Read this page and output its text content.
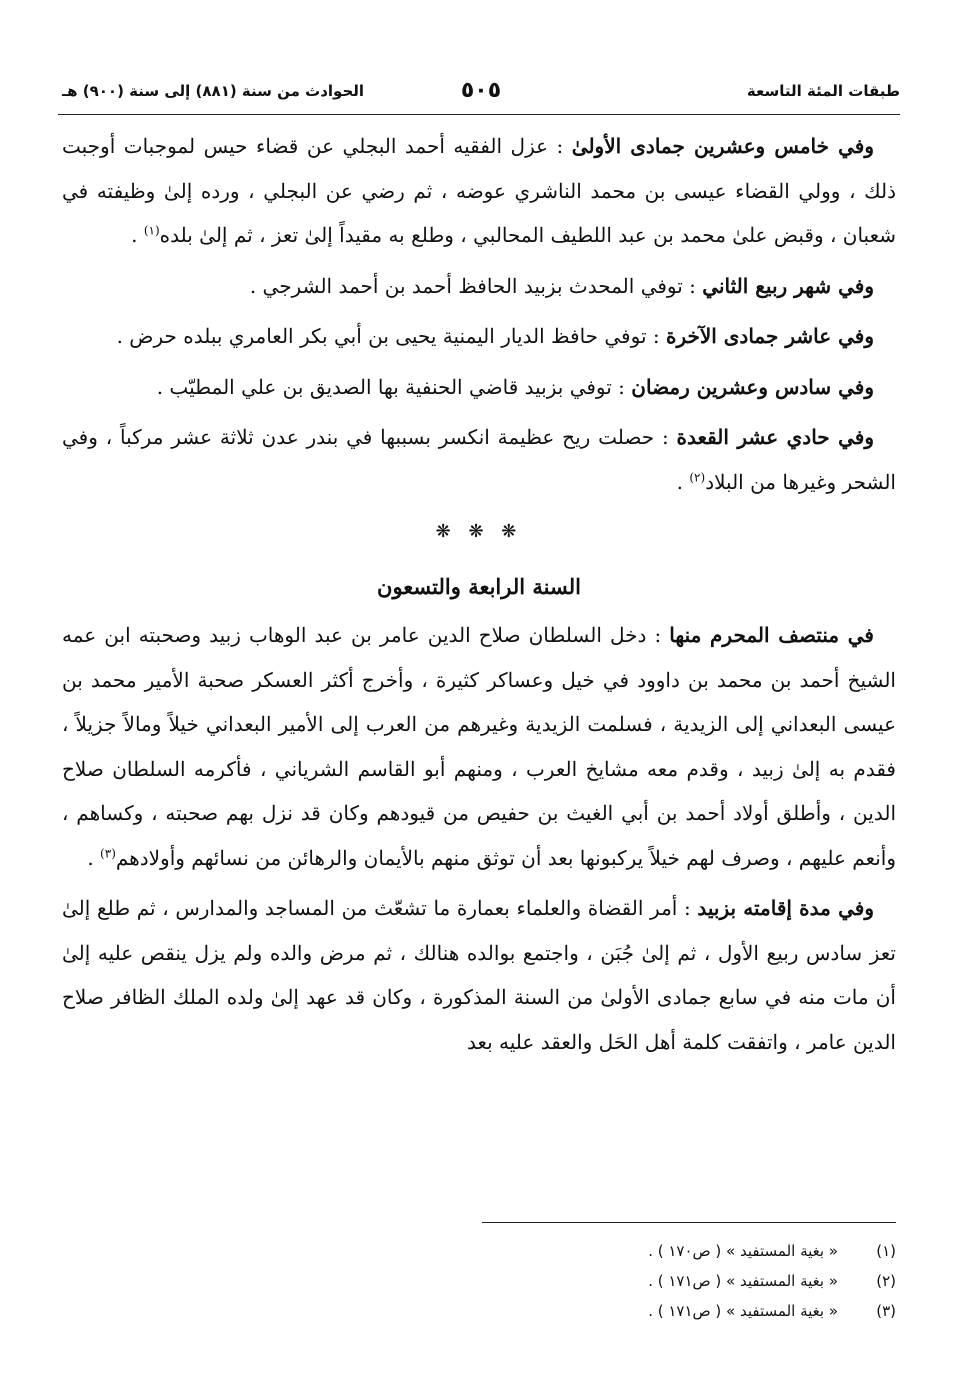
طبقات المئة التاسعة
٥٠٥
الحوادث من سنة (٨٨١) إلى سنة (٩٠٠) هـ

وفي خامس وعشرين جمادى الأولىٰ : عزل الفقيه أحمد البجلي عن قضاء حيس لموجبات أوجبت ذلك ، وولي القضاء عيسى بن محمد الناشري عوضه ، ثم رضي عن البجلي ، ورده إلىٰ وظيفته في شعبان ، وقبض علىٰ محمد بن عبد اللطيف المحالبي ، وطلع به مقيداً إلىٰ تعز ، ثم إلىٰ بلده$^{(١)}$ .

وفي شهر ربيع الثاني : توفي المحدث بزبيد الحافظ أحمد بن أحمد الشرجي .

وفي عاشر جمادى الآخرة : توفي حافظ الديار اليمنية يحيى بن أبي بكر العامري ببلده حرض .

وفي سادس وعشرين رمضان : توفي بزبيد قاضي الحنفية بها الصديق بن علي المطيّب .

وفي حادي عشر القعدة : حصلت ريح عظيمة انكسر بسببها في بندر عدن ثلاثة عشر مركباً ، وفي الشحر وغيرها من البلاد$^{(٢)}$ .

❋ ❋ ❋

السنة الرابعة والتسعون

في منتصف المحرم منها : دخل السلطان صلاح الدين عامر بن عبد الوهاب زبيد وصحبته ابن عمه الشيخ أحمد بن محمد بن داوود في خيل وعساكر كثيرة ، وأخرج أكثر العسكر صحبة الأمير محمد بن عيسى البعداني إلى الزيدية ، فسلمت الزيدية وغيرهم من العرب إلى الأمير البعداني خيلاً ومالاً جزيلاً ، فقدم به إلىٰ زبيد ، وقدم معه مشايخ العرب ، ومنهم أبو القاسم الشرياني ، فأكرمه السلطان صلاح الدين ، وأطلق أولاد أحمد بن أبي الغيث بن حفيص من قيودهم وكان قد نزل بهم صحبته ، وكساهم ، وأنعم عليهم ، وصرف لهم خيلاً يركبونها بعد أن توثق منهم بالأيمان والرهائن من نسائهم وأولادهم$^{(٣)}$ .

وفي مدة إقامته بزبيد : أمر القضاة والعلماء بعمارة ما تشعّث من المساجد والمدارس ، ثم طلع إلىٰ تعز سادس ربيع الأول ، ثم إلىٰ جُبَن ، واجتمع بوالده هنالك ، ثم مرض والده ولم يزل ينقص عليه إلىٰ أن مات منه في سابع جمادى الأولىٰ من السنة المذكورة ، وكان قد عهد إلىٰ ولده الملك الظافر صلاح الدين عامر ، واتفقت كلمة أهل الحَل والعقد عليه بعد

(١)
« بغية المستفيد » ( ص١٧٠ ) .
(٢)
« بغية المستفيد » ( ص١٧١ ) .
(٣)
« بغية المستفيد » ( ص١٧١ ) .
